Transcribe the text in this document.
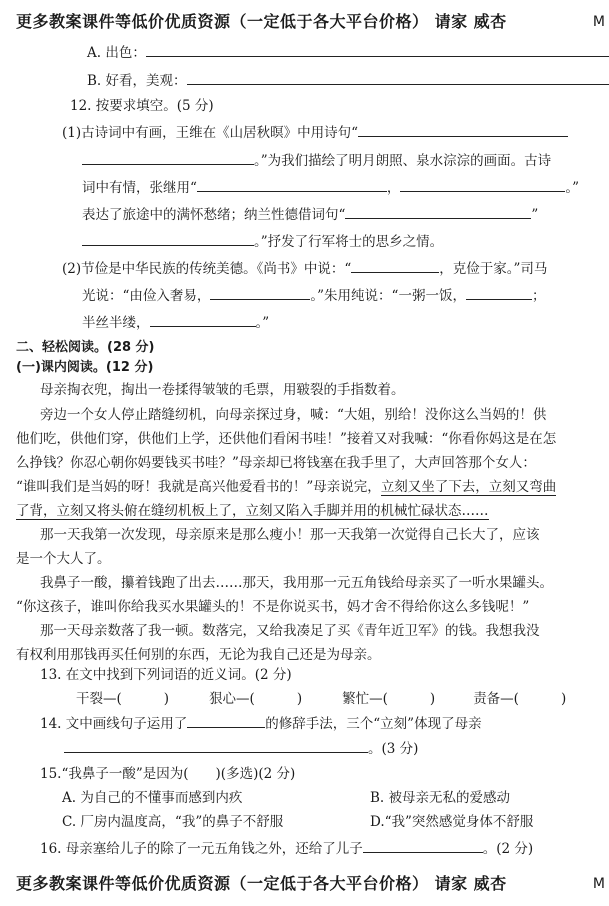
更多教案课件等低价优质资源（一定低于各大平台价格） 请家 威杏	M
A. 出色：
B. 好看，美观：
12. 按要求填空。(5 分)
(1)古诗词中有画，王维在《山居秋暝》中用诗句“
。”为我们描绘了明月朗照、泉水淙淙的画面。古诗
词中有情，张继用“	，	。”
表达了旅途中的满怀愁绪；纳兰性德借词句“	”
。”抒发了行军将士的思乡之情。
(2)节俭是中华民族的传统美德。《尚书》中说：“	，克俭于家。”司马
光说：“由俭入奢易，	。”朱用纯说：“一粥一饭，	；
半丝半缕，	。”
二、轻松阅读。(28 分)
(一)课内阅读。(12 分)
母亲掏衣兜，掏出一卷揉得皱皱的毛票，用皲裂的手指数着。
旁边一个女人停止踏缝纫机，向母亲探过身，喊：“大姐，别给！没你这么当妈的！供
他们吃，供他们穿，供他们上学，还供他们看闲书哇！”接着又对我喊：“你看你妈这是在怎
么挣钱？你忍心朝你妈要钱买书哇？”母亲却已将钱塞在我手里了，大声回答那个女人：
“谁叫我们是当妈的呀！我就是高兴他爱看书的！”母亲说完，立刻又坐了下去，立刻又弯曲
了背，立刻又将头俯在缝纫机板上了，立刻又陷入手脚并用的机械忙碌状态……
那一天我第一次发现，母亲原来是那么瘦小！那一天我第一次觉得自己长大了，应该
是一个大人了。
我鼻子一酸，攥着钱跑了出去……那天，我用那一元五角钱给母亲买了一听水果罐头。
“你这孩子，谁叫你给我买水果罐头的！不是你说买书，妈才舍不得给你这么多钱呢！”
那一天母亲数落了我一顿。数落完，又给我凑足了买《青年近卫军》的钱。我想我没
有权利用那钱再买任何别的东西，无论为我自己还是为母亲。
13. 在文中找到下列词语的近义词。(2 分)
干裂—(	)	狠心—(	)	繁忙—(	)	责备—(	)
14. 文中画线句子运用了	的修辞手法，三个“立刻”体现了母亲
。(3 分)
15.“我鼻子一酸”是因为(　　)(多选)(2 分)
A. 为自己的不懂事而感到内疚	B. 被母亲无私的爱感动
C. 厂房内温度高，“我”的鼻子不舒服	D.“我”突然感觉身体不舒服
16. 母亲塞给儿子的除了一元五角钱之外，还给了儿子	。(2 分)
更多教案课件等低价优质资源（一定低于各大平台价格） 请家 威杏	M
